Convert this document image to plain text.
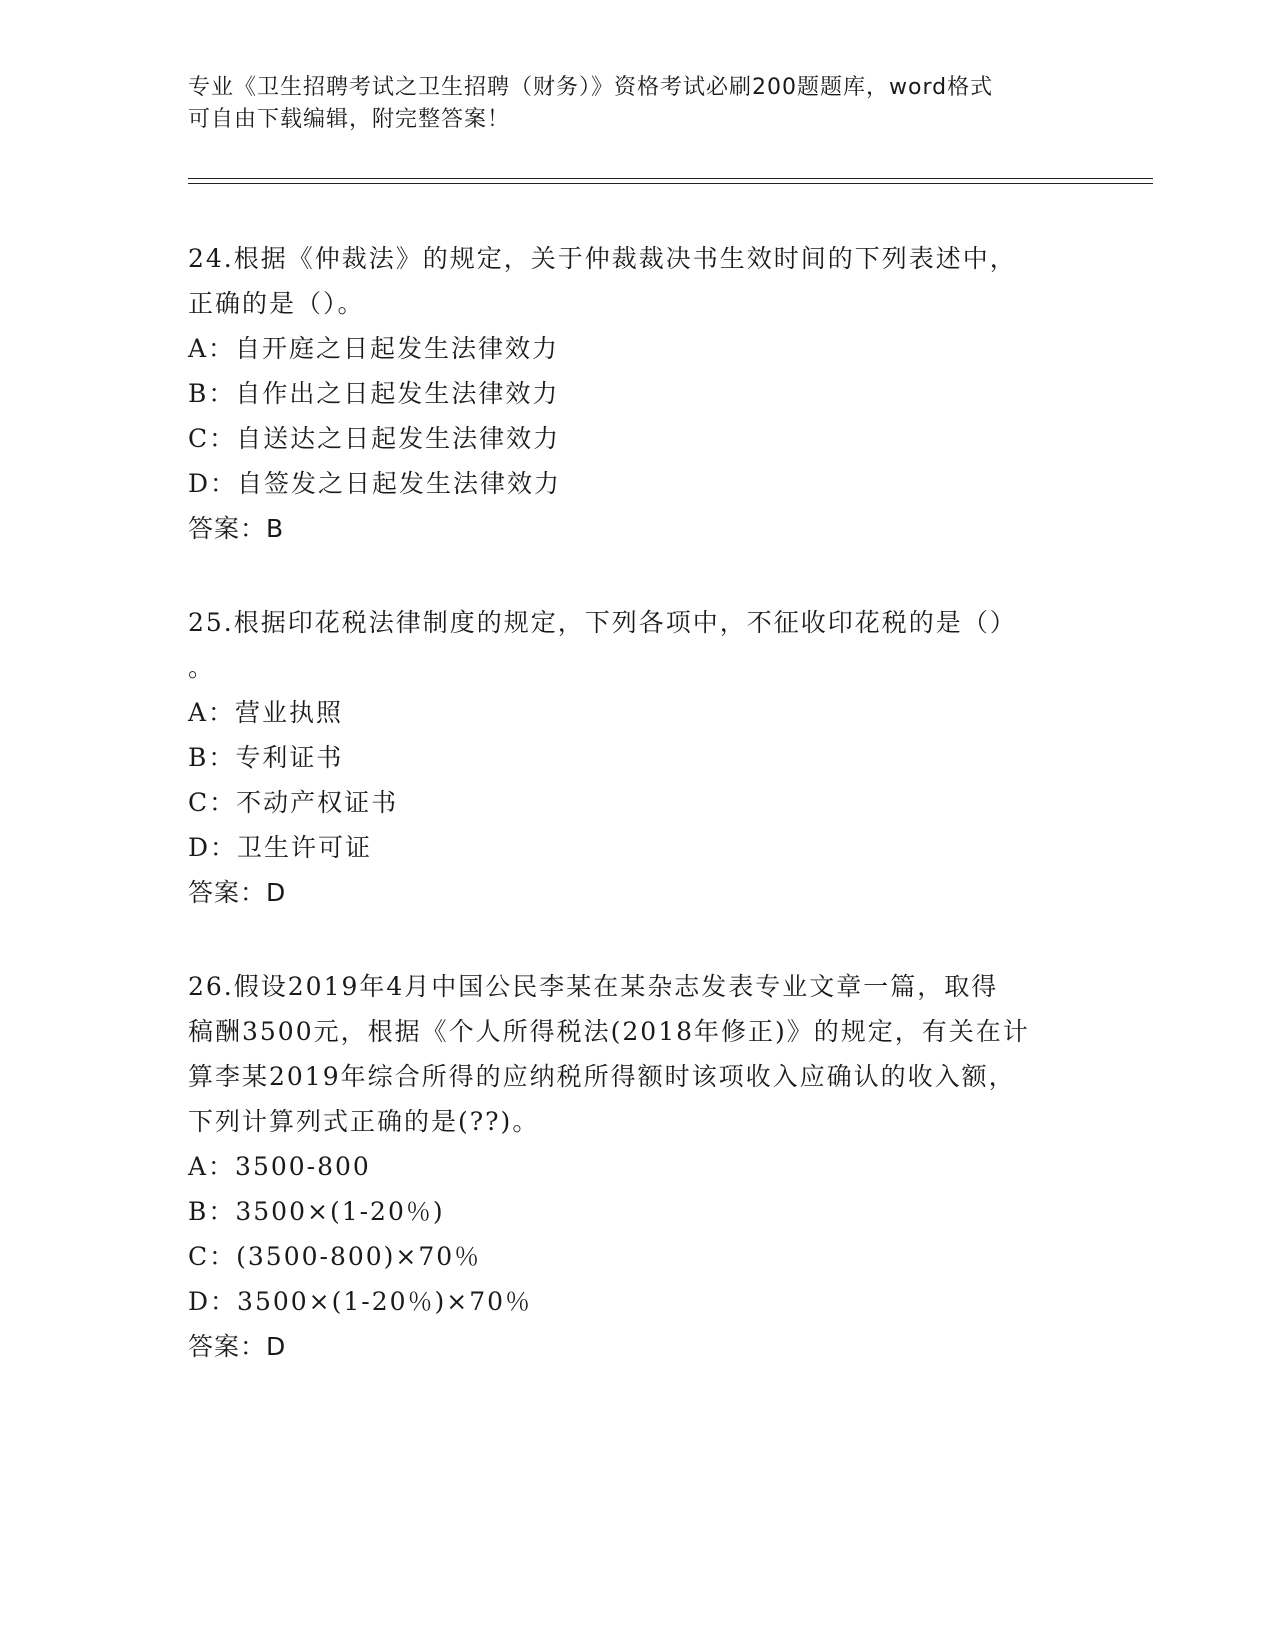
专业《卫生招聘考试之卫生招聘（财务）》资格考试必刷200题题库，word格式
可自由下载编辑，附完整答案！
24.根据《仲裁法》的规定，关于仲裁裁决书生效时间的下列表述中，
正确的是（）。
A：自开庭之日起发生法律效力
B：自作出之日起发生法律效力
C：自送达之日起发生法律效力
D：自签发之日起发生法律效力
答案：B
25.根据印花税法律制度的规定，下列各项中，不征收印花税的是（）
。
A：营业执照
B：专利证书
C：不动产权证书
D：卫生许可证
答案：D
26.假设2019年4月中国公民李某在某杂志发表专业文章一篇，取得
稿酬3500元，根据《个人所得税法(2018年修正)》的规定，有关在计
算李某2019年综合所得的应纳税所得额时该项收入应确认的收入额，
下列计算列式正确的是(??)。
A：3500-800
B：3500×(1-20％)
C：(3500-800)×70％
D：3500×(1-20％)×70％
答案：D
